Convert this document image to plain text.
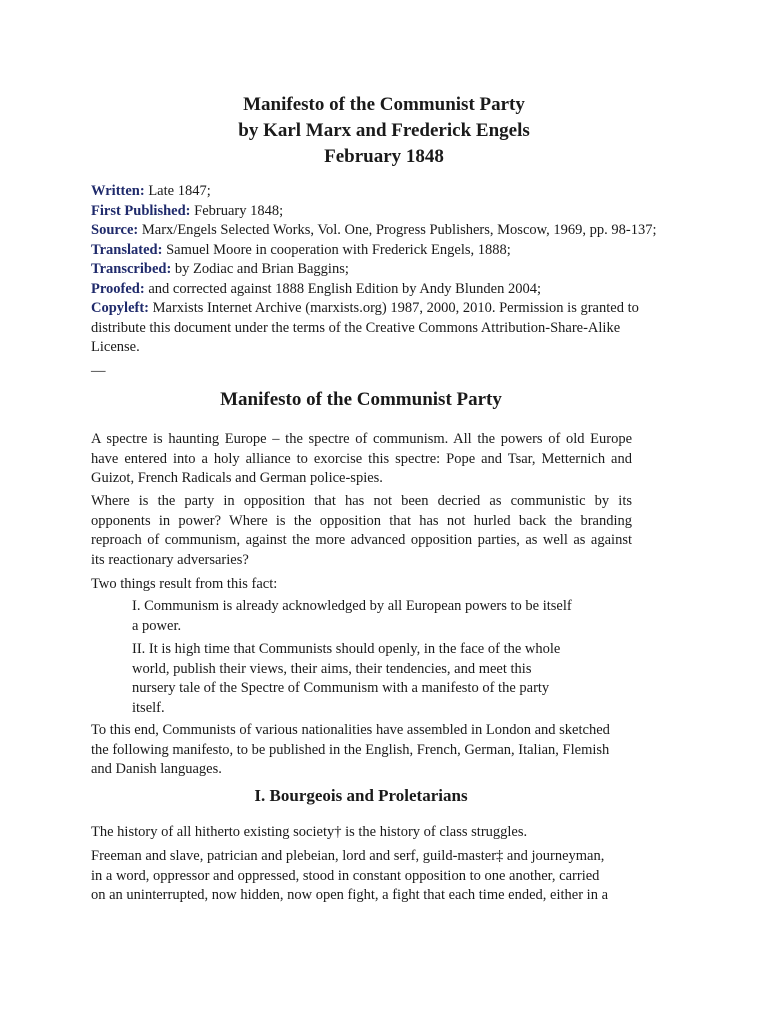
Manifesto of the Communist Party
by Karl Marx and Frederick Engels
February 1848
Written: Late 1847;
First Published: February 1848;
Source: Marx/Engels Selected Works, Vol. One, Progress Publishers, Moscow, 1969, pp. 98-137;
Translated: Samuel Moore in cooperation with Frederick Engels, 1888;
Transcribed: by Zodiac and Brian Baggins;
Proofed: and corrected against 1888 English Edition by Andy Blunden 2004;
Copyleft: Marxists Internet Archive (marxists.org) 1987, 2000, 2010. Permission is granted to
distribute this document under the terms of the Creative Commons Attribution-Share-Alike
License.
—
Manifesto of the Communist Party
A spectre is haunting Europe – the spectre of communism. All the powers of old Europe
have entered into a holy alliance to exorcise this spectre: Pope and Tsar, Metternich and
Guizot, French Radicals and German police-spies.
Where is the party in opposition that has not been decried as communistic by its
opponents in power? Where is the opposition that has not hurled back the branding
reproach of communism, against the more advanced opposition parties, as well as against
its reactionary adversaries?
Two things result from this fact:
I. Communism is already acknowledged by all European powers to be itself
a power.
II. It is high time that Communists should openly, in the face of the whole
world, publish their views, their aims, their tendencies, and meet this
nursery tale of the Spectre of Communism with a manifesto of the party
itself.
To this end, Communists of various nationalities have assembled in London and sketched
the following manifesto, to be published in the English, French, German, Italian, Flemish
and Danish languages.
I. Bourgeois and Proletarians
The history of all hitherto existing society† is the history of class struggles.
Freeman and slave, patrician and plebeian, lord and serf, guild-master‡ and journeyman,
in a word, oppressor and oppressed, stood in constant opposition to one another, carried
on an uninterrupted, now hidden, now open fight, a fight that each time ended, either in a
